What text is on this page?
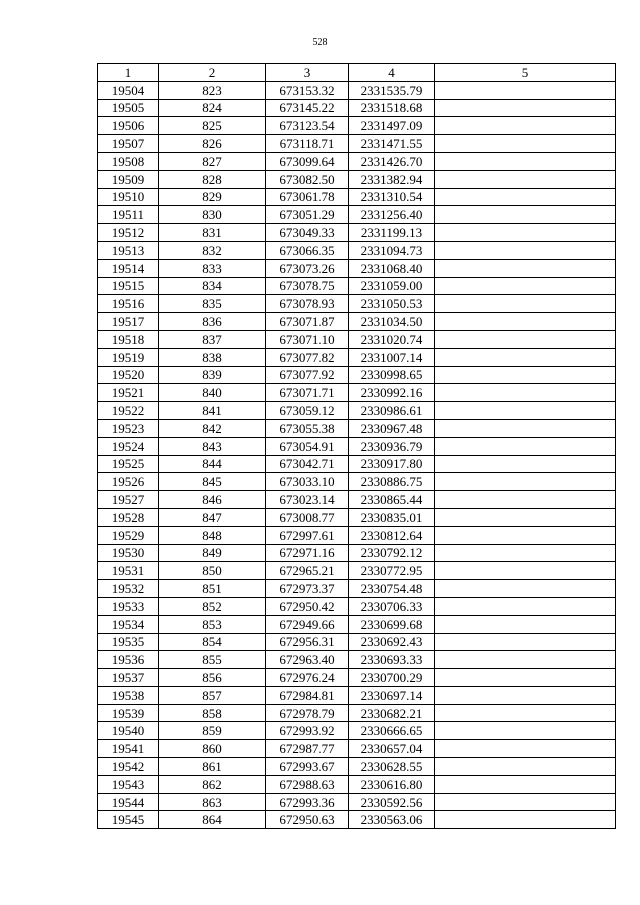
528
1	2	3	4	5
19504	823	673153.32	2331535.79	
19505	824	673145.22	2331518.68	
19506	825	673123.54	2331497.09	
19507	826	673118.71	2331471.55	
19508	827	673099.64	2331426.70	
19509	828	673082.50	2331382.94	
19510	829	673061.78	2331310.54	
19511	830	673051.29	2331256.40	
19512	831	673049.33	2331199.13	
19513	832	673066.35	2331094.73	
19514	833	673073.26	2331068.40	
19515	834	673078.75	2331059.00	
19516	835	673078.93	2331050.53	
19517	836	673071.87	2331034.50	
19518	837	673071.10	2331020.74	
19519	838	673077.82	2331007.14	
19520	839	673077.92	2330998.65	
19521	840	673071.71	2330992.16	
19522	841	673059.12	2330986.61	
19523	842	673055.38	2330967.48	
19524	843	673054.91	2330936.79	
19525	844	673042.71	2330917.80	
19526	845	673033.10	2330886.75	
19527	846	673023.14	2330865.44	
19528	847	673008.77	2330835.01	
19529	848	672997.61	2330812.64	
19530	849	672971.16	2330792.12	
19531	850	672965.21	2330772.95	
19532	851	672973.37	2330754.48	
19533	852	672950.42	2330706.33	
19534	853	672949.66	2330699.68	
19535	854	672956.31	2330692.43	
19536	855	672963.40	2330693.33	
19537	856	672976.24	2330700.29	
19538	857	672984.81	2330697.14	
19539	858	672978.79	2330682.21	
19540	859	672993.92	2330666.65	
19541	860	672987.77	2330657.04	
19542	861	672993.67	2330628.55	
19543	862	672988.63	2330616.80	
19544	863	672993.36	2330592.56	
19545	864	672950.63	2330563.06	
